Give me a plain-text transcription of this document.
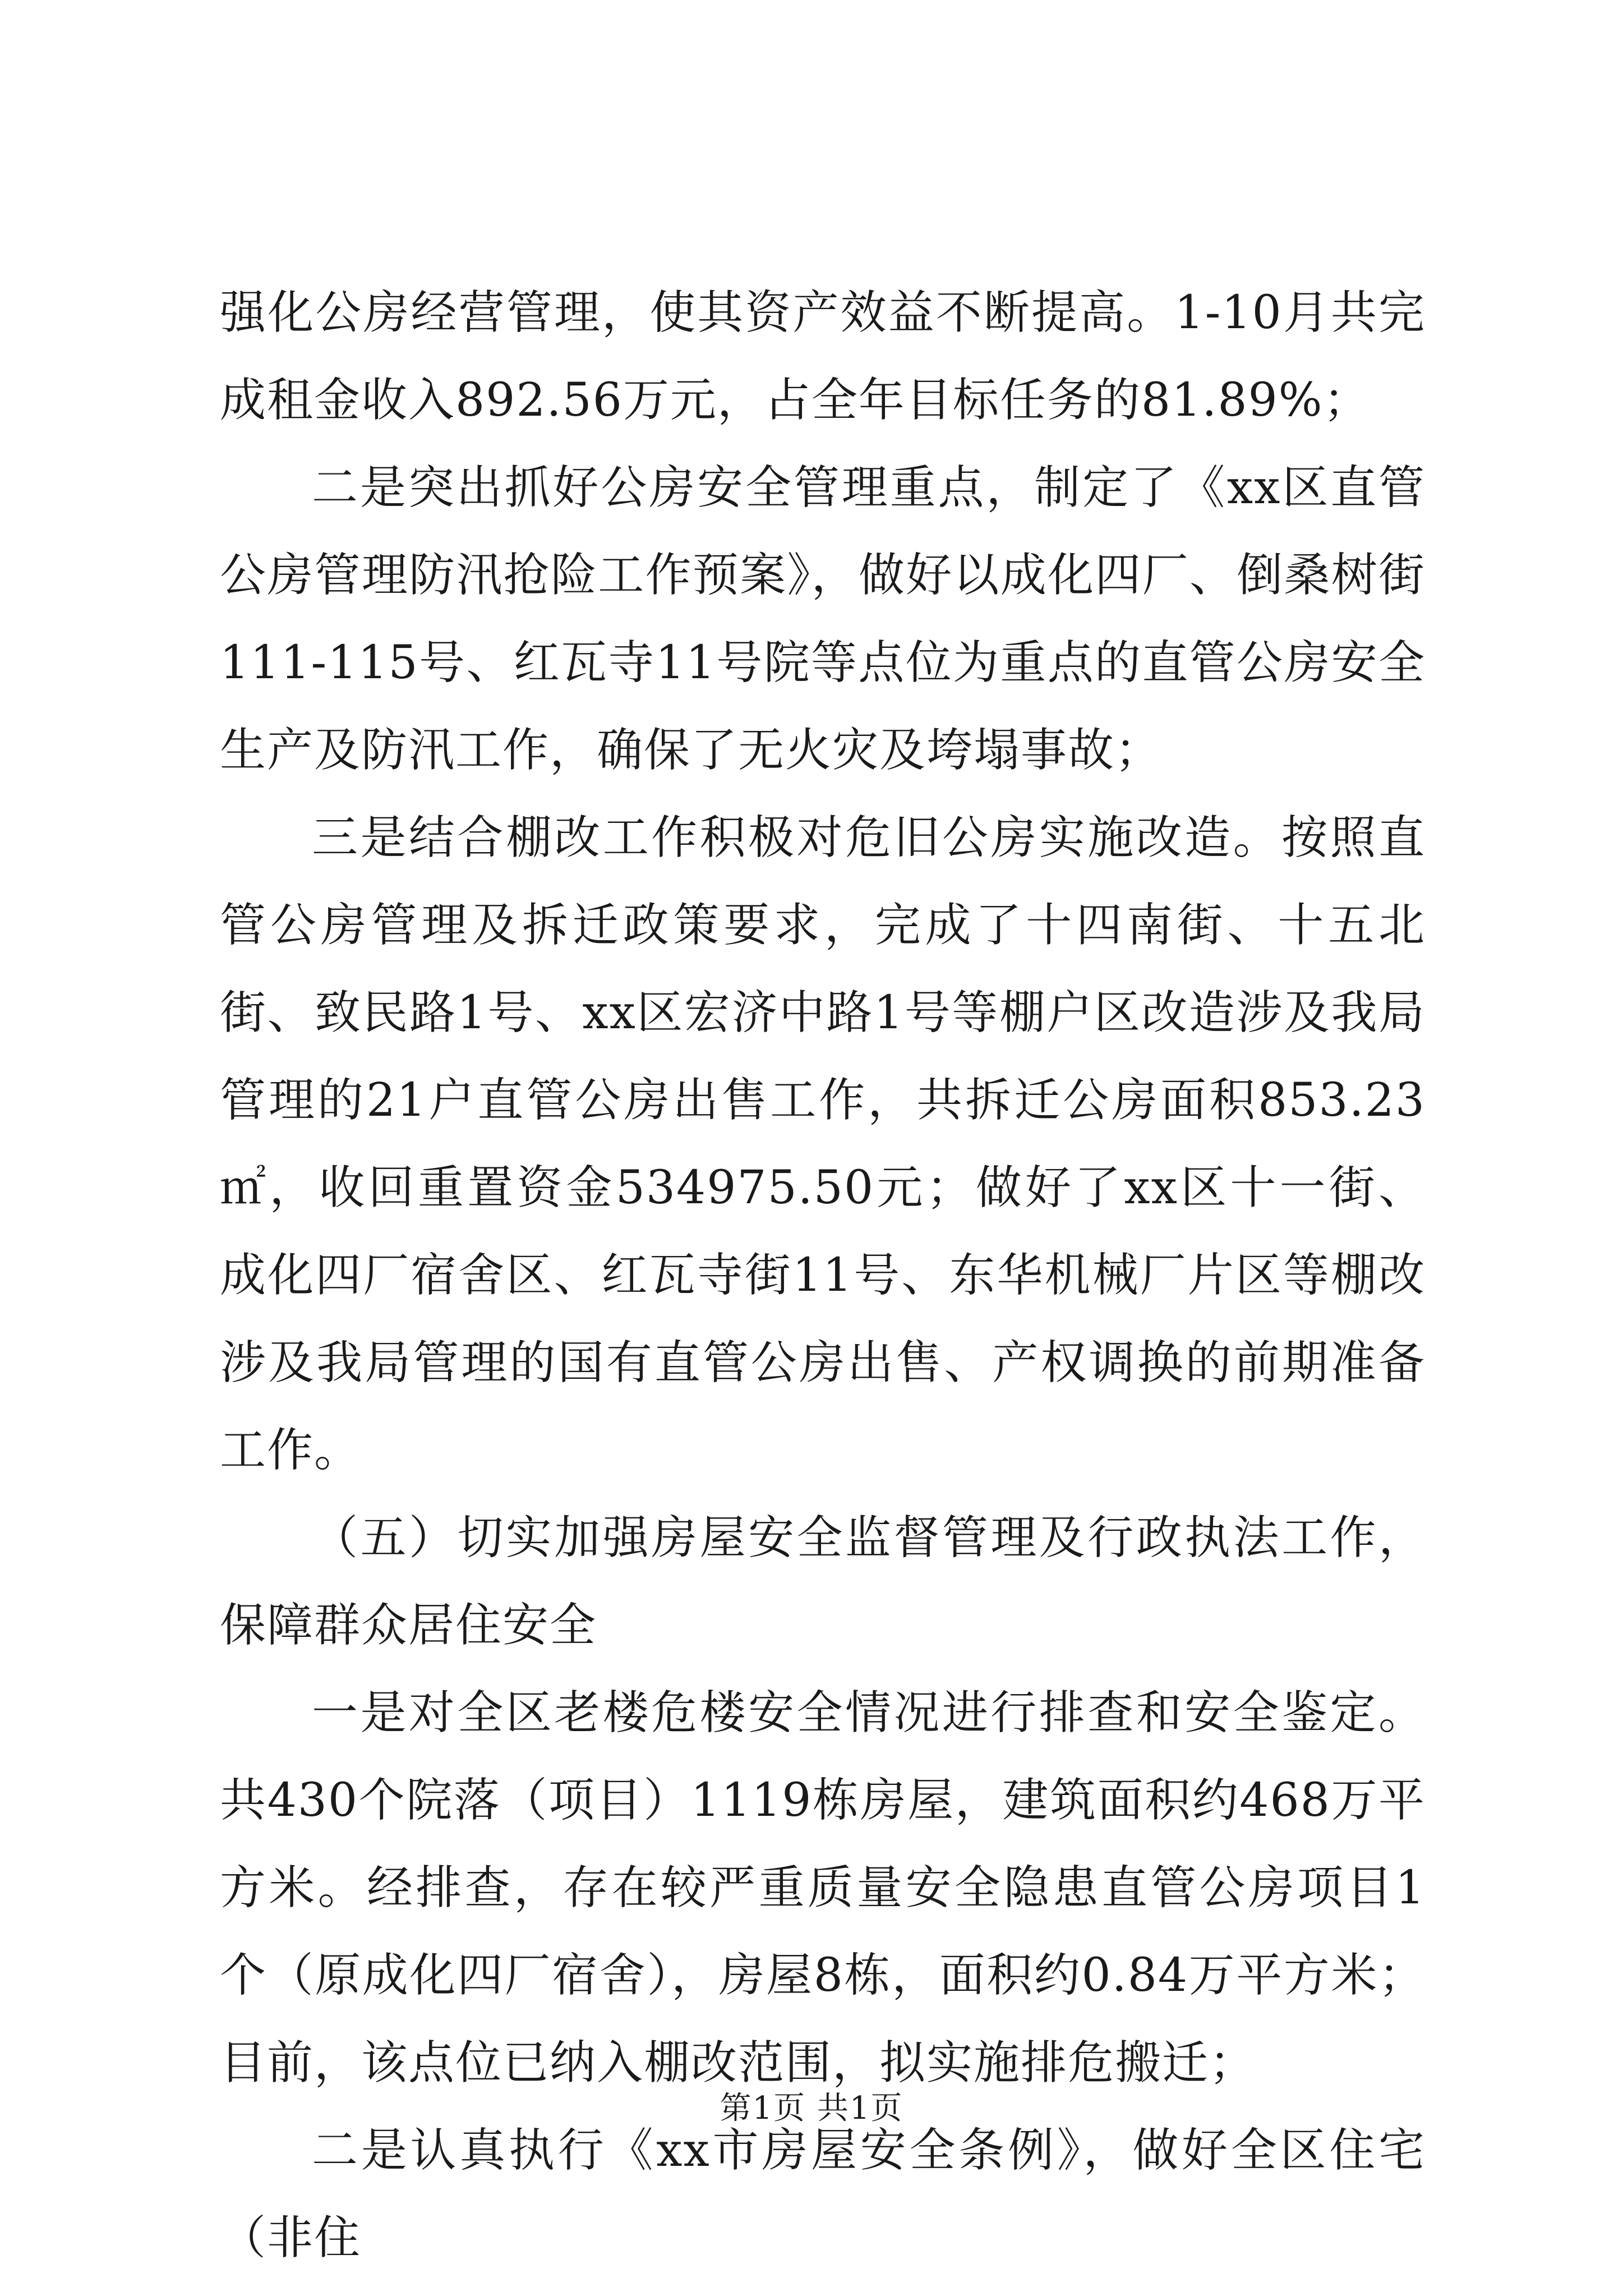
强化公房经营管理，使其资产效益不断提高。1-10月共完成租金收入892.56万元，占全年目标任务的81.89%；

二是突出抓好公房安全管理重点，制定了《xx区直管公房管理防汛抢险工作预案》，做好以成化四厂、倒桑树街111-115号、红瓦寺11号院等点位为重点的直管公房安全生产及防汛工作，确保了无火灾及垮塌事故；

三是结合棚改工作积极对危旧公房实施改造。按照直管公房管理及拆迁政策要求，完成了十四南街、十五北街、致民路1号、xx区宏济中路1号等棚户区改造涉及我局管理的21户直管公房出售工作，共拆迁公房面积853.23㎡，收回重置资金534975.50元；做好了xx区十一街、成化四厂宿舍区、红瓦寺街11号、东华机械厂片区等棚改涉及我局管理的国有直管公房出售、产权调换的前期准备工作。

（五）切实加强房屋安全监督管理及行政执法工作，保障群众居住安全

一是对全区老楼危楼安全情况进行排查和安全鉴定。共430个院落（项目）1119栋房屋，建筑面积约468万平方米。经排查，存在较严重质量安全隐患直管公房项目1个（原成化四厂宿舍），房屋8栋，面积约0.84万平方米；目前，该点位已纳入棚改范围，拟实施排危搬迁；

二是认真执行《xx市房屋安全条例》，做好全区住宅（非住

第1页 共1页
